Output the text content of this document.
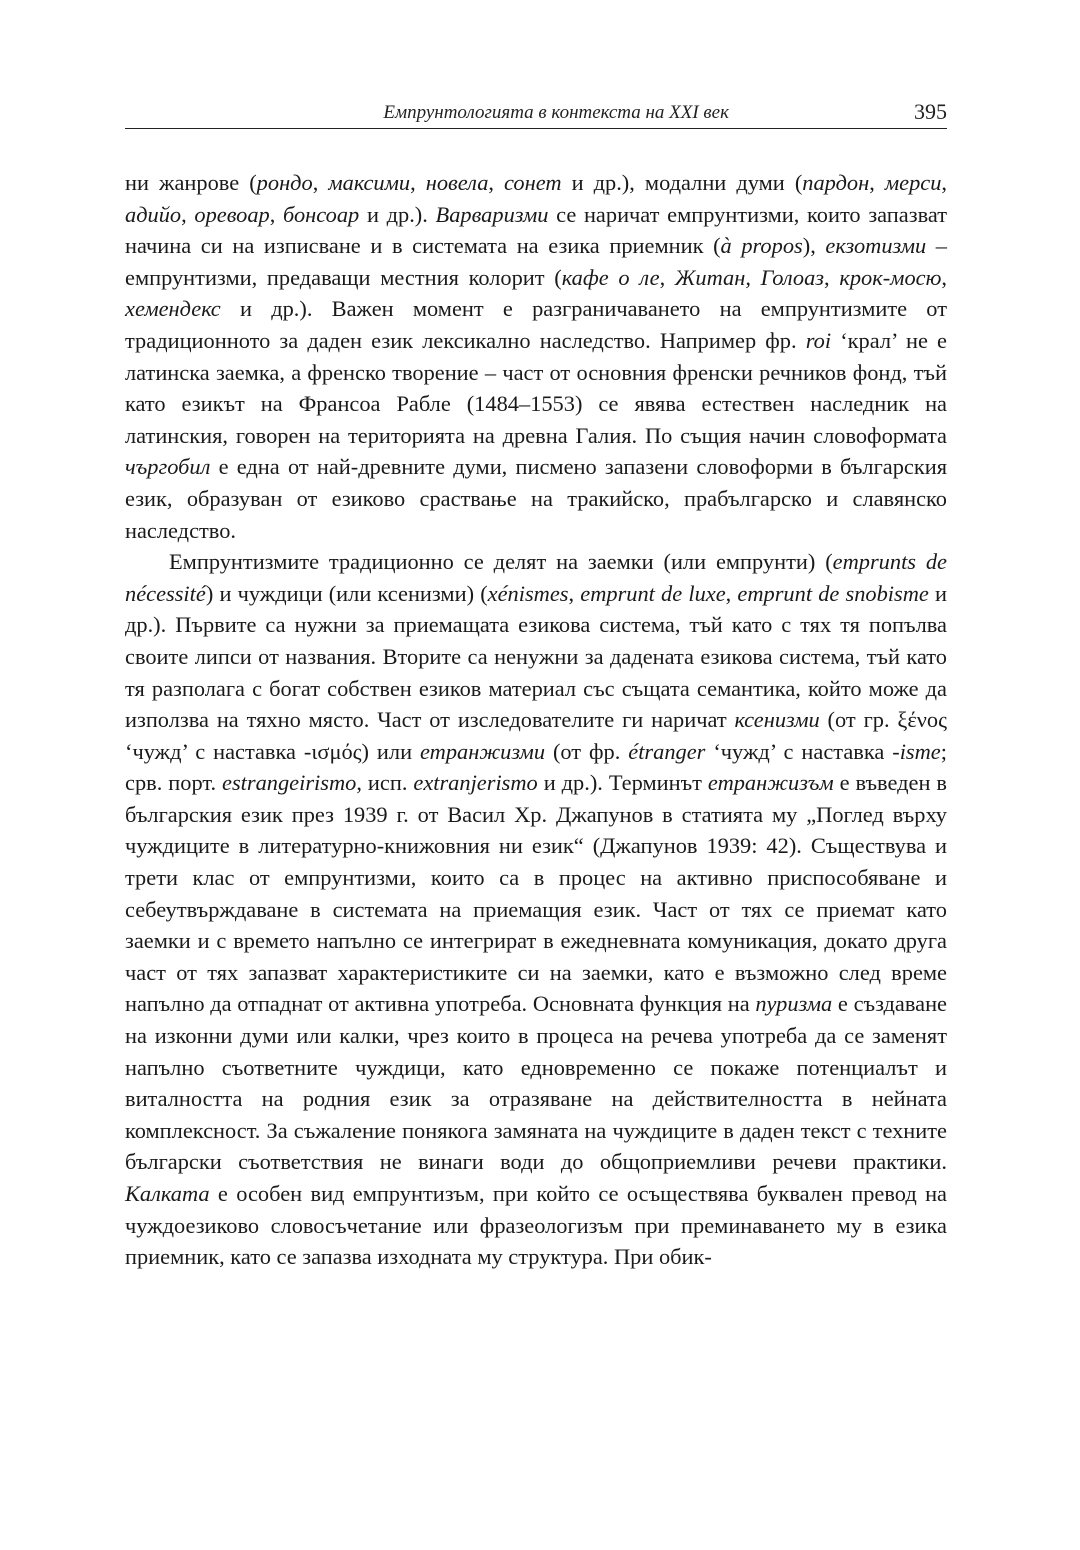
Емпрунтологията в контекста на XXI век	395

ни жанрове (рондо, максими, новела, сонет и др.), модални думи (пардон, мерси, адийо, оревоар, бонсоар и др.). Варваризми се наричат емпрунтизми, които запазват начина си на изписване и в системата на езика приемник (à propos), екзотизми – емпрунтизми, предаващи местния колорит (кафе о ле, Житан, Голоаз, крок-мосю, хемендекс и др.). Важен момент е разграничаването на емпрунтизмите от традиционното за даден език лексикално наследство. Например фр. roi ‘крал’ не е латинска заемка, а френско творение – част от основния френски речников фонд, тъй като езикът на Франсоа Рабле (1484–1553) се явява естествен наследник на латинския, говорен на територията на древна Галия. По същия начин словоформата чъргобил е една от най-древните думи, писмено запазени словоформи в българския език, образуван от езиково сраствање на тракийско, прабългарско и славянско наследство.

Емпрунтизмите традиционно се делят на заемки (или емпрунти) (emprunts de nécessité) и чуждици (или ксенизми) (xénismes, emprunt de luxe, emprunt de snobisme и др.). Първите са нужни за приемащата езикова система, тъй като с тях тя попълва своите липси от названия. Вторите са ненужни за дадената езикова система, тъй като тя разполага с богат собствен езиков материал със същата семантика, който може да използва на тяхно място. Част от изследователите ги наричат ксенизми (от гр. ξένος ‘чужд’ с наставка -ισμός) или етранжизми (от фр. étranger ‘чужд’ с наставка -isme; срв. порт. estrangeirismo, исп. extranjerismo и др.). Терминът етранжизъм е въведен в българския език през 1939 г. от Васил Хр. Джапунов в статията му „Поглед върху чуждиците в литературно-книжовния ни език“ (Джапунов 1939: 42). Съществува и трети клас от емпрунтизми, които са в процес на активно приспособяване и себеутвърждаване в системата на приемащия език. Част от тях се приемат като заемки и с времето напълно се интегрират в ежедневната комуникация, докато друга част от тях запазват характеристиките си на заемки, като е възможно след време напълно да отпаднат от активна употреба. Основната функция на пуризма е създаване на изконни думи или калки, чрез които в процеса на речева употреба да се заменят напълно съответните чуждици, като едновременно се покаже потенциалът и виталността на родния език за отразяване на действителността в нейната комплексност. За съжаление понякога замяната на чуждиците в даден текст с техните български съответствия не винаги води до общоприемливи речеви практики. Калката е особен вид емпрунтизъм, при който се осъществява буквален превод на чуждоезиково словосъчетание или фразеологизъм при преминаването му в езика приемник, като се запазва изходната му структура. При обик-
